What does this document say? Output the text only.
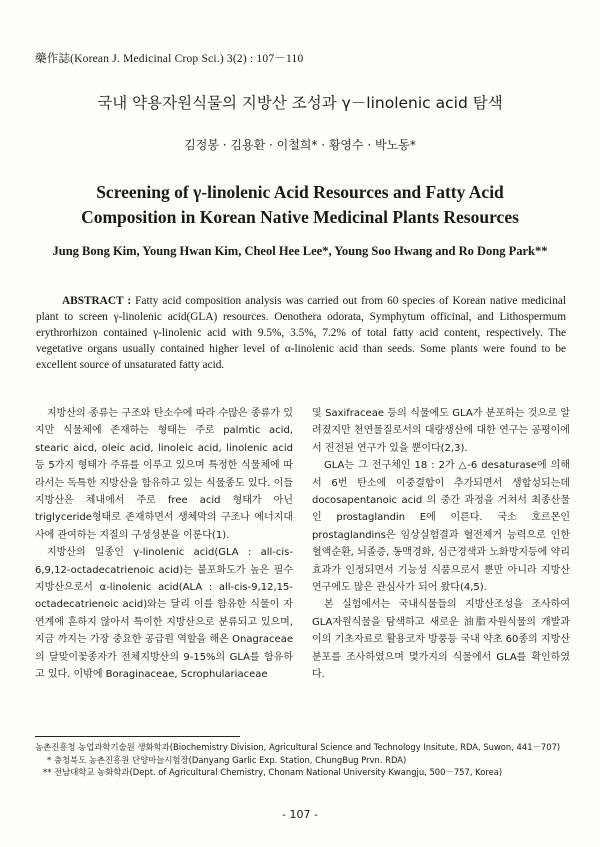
藥作誌(Korean J. Medicinal Crop Sci.) 3(2) : 107－110
국내 약용자원식물의 지방산 조성과 γ－linolenic acid 탐색
김정봉 · 김용환 · 이철희* · 황영수 · 박노동*
Screening of γ-linolenic Acid Resources and Fatty Acid
Composition in Korean Native Medicinal Plants Resources
Jung Bong Kim, Young Hwan Kim, Cheol Hee Lee*, Young Soo Hwang and Ro Dong Park**
ABSTRACT : Fatty acid composition analysis was carried out from 60 species of Korean native medicinal plant to screen γ-linolenic acid(GLA) resources. Oenothera odorata, Symphytum officinal, and Lithospermum erythrorhizon contained γ-linolenic acid with 9.5%, 3.5%, 7.2% of total fatty acid content, respectively. The vegetative organs usually contained higher level of α-linolenic acid than seeds. Some plants were found to be excellent source of unsaturated fatty acid.

지방산의 종류는 구조와 탄소수에 따라 수많은 종류가 있지만 식물체에 존재하는 형태는 주로 palmtic acid, stearic aicd, oleic acid, linoleic acid, linolenic acid등 5가지 형태가 주류를 이루고 있으며 특정한 식물체에 따라서는 독특한 지방산을 함유하고 있는 식물종도 있다. 이들 지방산은 체내에서 주로 free acid 형태가 아닌 triglyceride형태로 존재하면서 생체막의 구조나 에너지대사에 관여하는 지질의 구성성분을 이룬다(1).

지방산의 일종인 γ-linolenic acid(GLA : all-cis-6,9,12-octadecatrienoic acid)는 불포화도가 높은 필수지방산으로서 α-linolenic acid(ALA : all-cis-9,12,15-octadecatrienoic acid)와는 달리 이를 함유한 식물이 자연계에 흔하지 않아서 특이한 지방산으로 분류되고 있으며, 지금 까지는 가장 중요한 공급원 역할을 해온 Onagraceae의 달맞이꽃종자가 전체지방산의 9-15%의 GLA를 함유하고 있다. 이밖에 Boraginaceae, Scrophulariaceae

및 Saxifraceae 등의 식물에도 GLA가 분포하는 것으로 알려졌지만 천연물질로서의 대량생산에 대한 연구는 공평이에서 진전된 연구가 있을 뿐이다(2,3).

GLA는 그 전구체인 18 : 2가 △-6 desaturase에 의해서 6번 탄소에 이중결합이 추가되면서 생합성되는데 docosapentanoic acid 의 중간 과정을 거쳐서 최종산물인 prostaglandin E에 이른다. 국소 호르몬인 prostaglandins은 임상실험결과 혈전제거 능력으로 인한 혈액순환, 뇌졸증, 동맥경화, 심근경색과 노화방지등에 약리효과가 인정되면서 기능성 식품으로서 뿐만 아니라 지방산 연구에도 많은 관심사가 되어 왔다(4,5).

본 실험에서는 국내식물들의 지방산조성을 조사하여 GLA자원식물을 탐색하고 새로운 油脂자원식물의 개발과 이의 기초자료로 활용코자 방풍등 국내 약초 60종의 지방산 분포를 조사하였으며 몇가지의 식물에서 GLA를 확인하였다.

농촌진흥청 농업과학기술원 생화학과(Biochemistry Division, Agricultural Science and Technology Insitute, RDA, Suwon, 441－707)
* 충청북도 농촌진흥원 단양마늘시험장(Danyang Garlic Exp. Station, ChungBug Prvn. RDA)
** 전남대학교 농화학과(Dept. of Agricultural Chemistry, Chonam National University Kwangju, 500－757, Korea)
- 107 -
